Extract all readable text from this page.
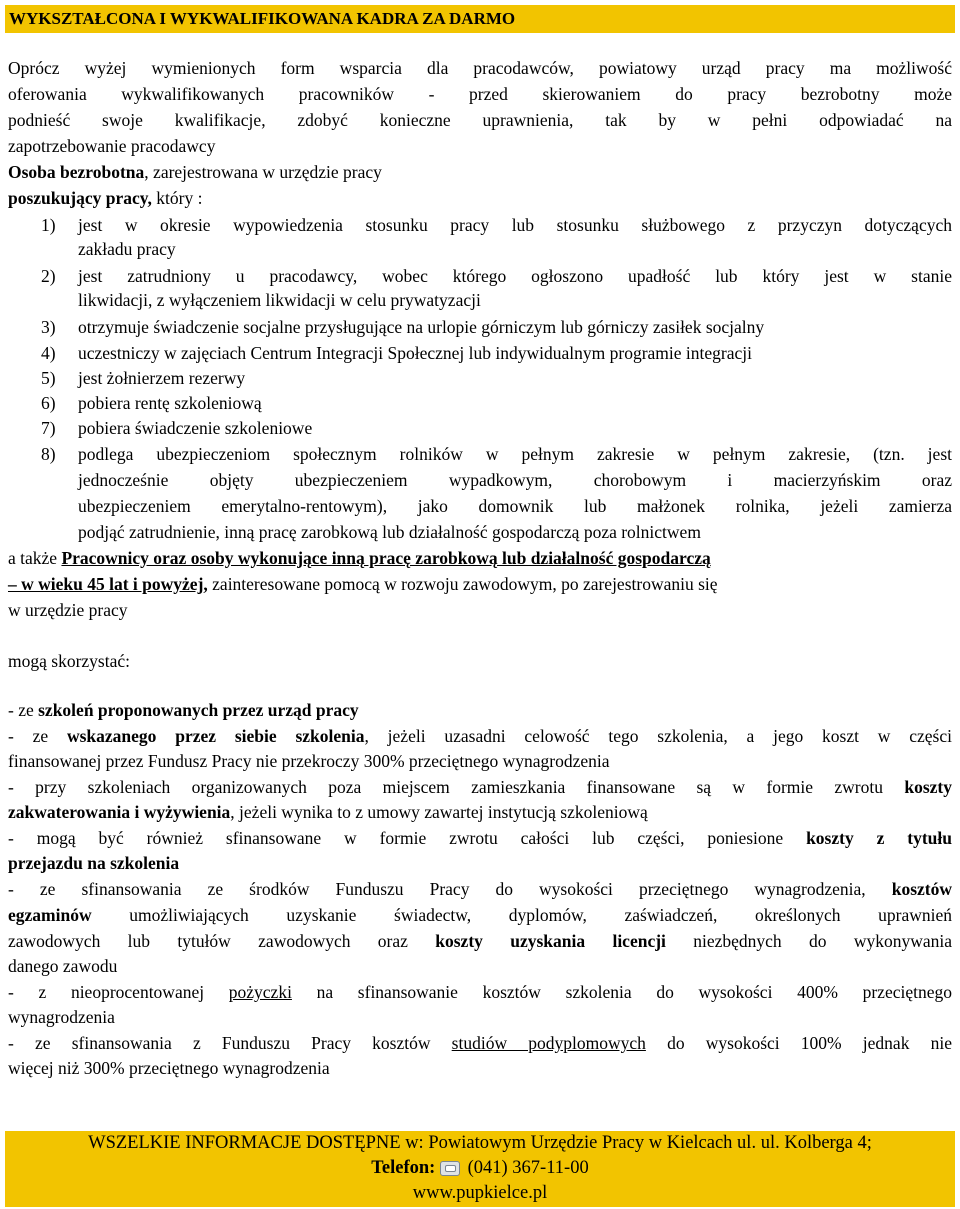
WYKSZTAŁCONA I WYKWALIFIKOWANA KADRA ZA DARMO
Oprócz wyżej wymienionych form wsparcia dla pracodawców, powiatowy urząd pracy ma możliwość
oferowania wykwalifikowanych pracowników - przed skierowaniem do pracy bezrobotny może
podnieść swoje kwalifikacje, zdobyć konieczne uprawnienia, tak by w pełni odpowiadać na
zapotrzebowanie pracodawcy
Osoba bezrobotna, zarejestrowana w urzędzie pracy
poszukujący pracy, który :
1) jest w okresie wypowiedzenia stosunku pracy lub stosunku służbowego z przyczyn dotyczących
zakładu pracy
2) jest zatrudniony u pracodawcy, wobec którego ogłoszono upadłość lub który jest w stanie
likwidacji, z wyłączeniem likwidacji w celu prywatyzacji
3) otrzymuje świadczenie socjalne przysługujące na urlopie górniczym lub górniczy zasiłek socjalny
4) uczestniczy w zajęciach Centrum Integracji Społecznej lub indywidualnym programie integracji
5) jest żołnierzem rezerwy
6) pobiera rentę szkoleniową
7) pobiera świadczenie szkoleniowe
8) podlega ubezpieczeniom społecznym rolników w pełnym zakresie w pełnym zakresie, (tzn. jest
jednocześnie objęty ubezpieczeniem wypadkowym, chorobowym i macierzyńskim oraz
ubezpieczeniem emerytalno-rentowym), jako domownik lub małżonek rolnika, jeżeli zamierza
podjąć zatrudnienie, inną pracę zarobkową lub działalność gospodarczą poza rolnictwem
a także Pracownicy oraz osoby wykonujące inną pracę zarobkową lub działalność gospodarczą
– w wieku 45 lat i powyżej, zainteresowane pomocą w rozwoju zawodowym, po zarejestrowaniu się
w urzędzie pracy
mogą skorzystać:
- ze szkoleń proponowanych przez urząd pracy
- ze wskazanego przez siebie szkolenia, jeżeli uzasadni celowość tego szkolenia, a jego koszt w części
finansowanej przez Fundusz Pracy nie przekroczy 300% przeciętnego wynagrodzenia
- przy szkoleniach organizowanych poza miejscem zamieszkania finansowane są w formie zwrotu koszty
zakwaterowania i wyżywienia, jeżeli wynika to z umowy zawartej instytucją szkoleniową
- mogą być również sfinansowane w formie zwrotu całości lub części, poniesione koszty z tytułu
przejazdu na szkolenia
- ze sfinansowania ze środków Funduszu Pracy do wysokości przeciętnego wynagrodzenia, kosztów
egzaminów umożliwiających uzyskanie świadectw, dyplomów, zaświadczeń, określonych uprawnień
zawodowych lub tytułów zawodowych oraz koszty uzyskania licencji niezbędnych do wykonywania
danego zawodu
- z nieoprocentowanej pożyczki na sfinansowanie kosztów szkolenia do wysokości 400% przeciętnego
wynagrodzenia
- ze sfinansowania z Funduszu Pracy kosztów studiów podyplomowych do wysokości 100% jednak nie
więcej niż 300% przeciętnego wynagrodzenia
WSZELKIE INFORMACJE DOSTĘPNE w: Powiatowym Urzędzie Pracy w Kielcach ul. ul. Kolberga 4;
Telefon:  (041) 367-11-00
www.pupkielce.pl
